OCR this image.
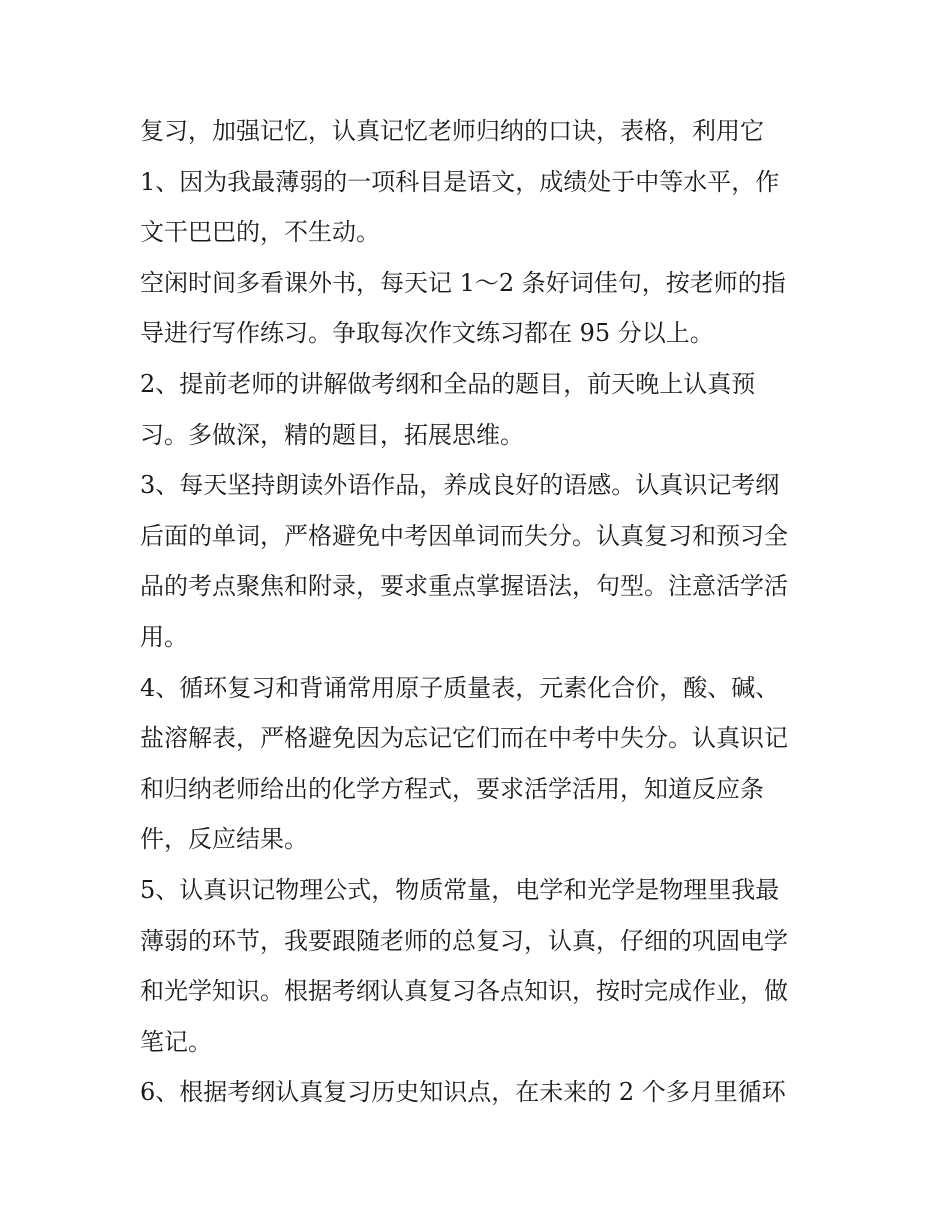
复习，加强记忆，认真记忆老师归纳的口诀，表格，利用它

1、因为我最薄弱的一项科目是语文，成绩处于中等水平，作

文干巴巴的，不生动。

空闲时间多看课外书，每天记 1～2 条好词佳句，按老师的指

导进行写作练习。争取每次作文练习都在 95 分以上。

2、提前老师的讲解做考纲和全品的题目，前天晚上认真预

习。多做深，精的题目，拓展思维。

3、每天坚持朗读外语作品，养成良好的语感。认真识记考纲

后面的单词，严格避免中考因单词而失分。认真复习和预习全

品的考点聚焦和附录，要求重点掌握语法，句型。注意活学活

用。

4、循环复习和背诵常用原子质量表，元素化合价，酸、碱、

盐溶解表，严格避免因为忘记它们而在中考中失分。认真识记

和归纳老师给出的化学方程式，要求活学活用，知道反应条

件，反应结果。

5、认真识记物理公式，物质常量，电学和光学是物理里我最

薄弱的环节，我要跟随老师的总复习，认真，仔细的巩固电学

和光学知识。根据考纲认真复习各点知识，按时完成作业，做

笔记。

6、根据考纲认真复习历史知识点，在未来的 2 个多月里循环
